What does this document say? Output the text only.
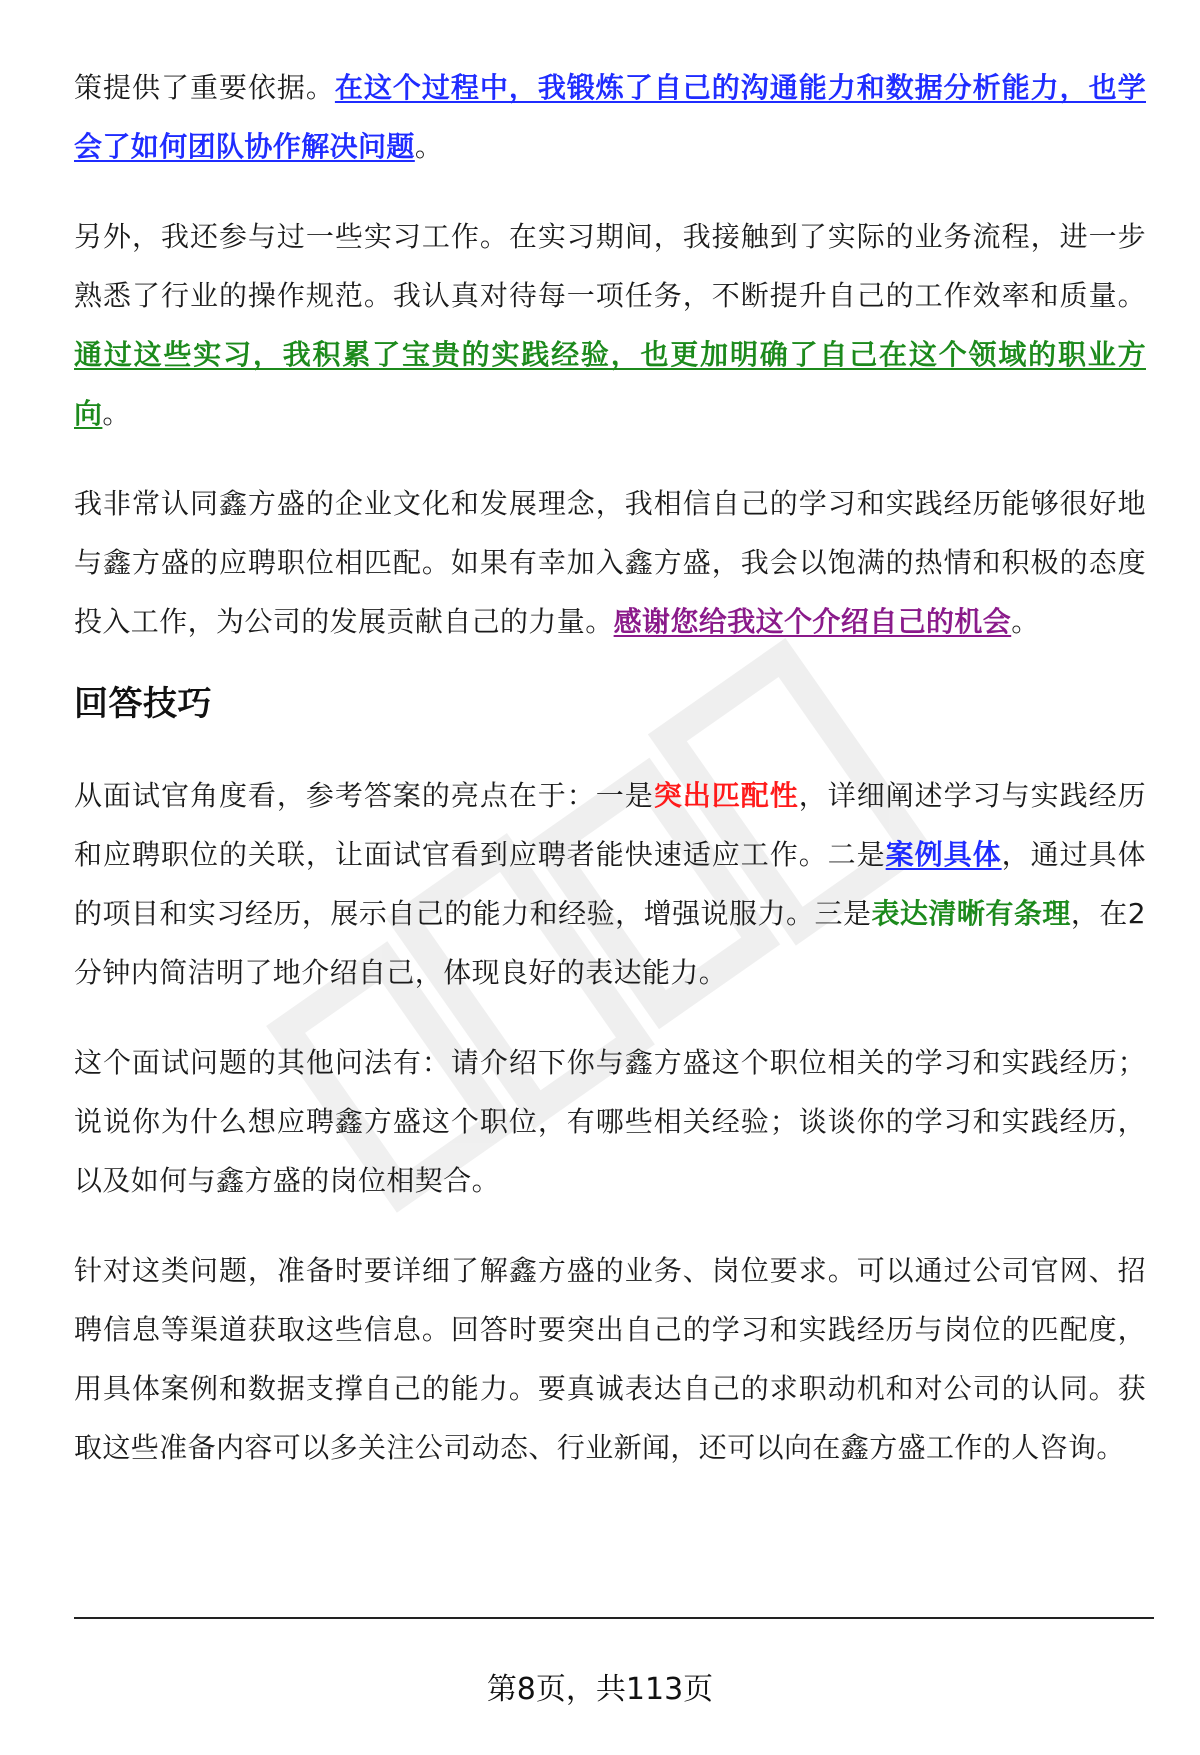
策提供了重要依据。在这个过程中，我锻炼了自己的沟通能力和数据分析能力，也学会了如何团队协作解决问题。

另外，我还参与过一些实习工作。在实习期间，我接触到了实际的业务流程，进一步熟悉了行业的操作规范。我认真对待每一项任务，不断提升自己的工作效率和质量。通过这些实习，我积累了宝贵的实践经验，也更加明确了自己在这个领域的职业方向。

我非常认同鑫方盛的企业文化和发展理念，我相信自己的学习和实践经历能够很好地与鑫方盛的应聘职位相匹配。如果有幸加入鑫方盛，我会以饱满的热情和积极的态度投入工作，为公司的发展贡献自己的力量。感谢您给我这个介绍自己的机会。

回答技巧

从面试官角度看，参考答案的亮点在于：一是突出匹配性，详细阐述学习与实践经历和应聘职位的关联，让面试官看到应聘者能快速适应工作。二是案例具体，通过具体的项目和实习经历，展示自己的能力和经验，增强说服力。三是表达清晰有条理，在2分钟内简洁明了地介绍自己，体现良好的表达能力。

这个面试问题的其他问法有：请介绍下你与鑫方盛这个职位相关的学习和实践经历；说说你为什么想应聘鑫方盛这个职位，有哪些相关经验；谈谈你的学习和实践经历，以及如何与鑫方盛的岗位相契合。

针对这类问题，准备时要详细了解鑫方盛的业务、岗位要求。可以通过公司官网、招聘信息等渠道获取这些信息。回答时要突出自己的学习和实践经历与岗位的匹配度，用具体案例和数据支撑自己的能力。要真诚表达自己的求职动机和对公司的认同。获取这些准备内容可以多关注公司动态、行业新闻，还可以向在鑫方盛工作的人咨询。

第8页，共113页
